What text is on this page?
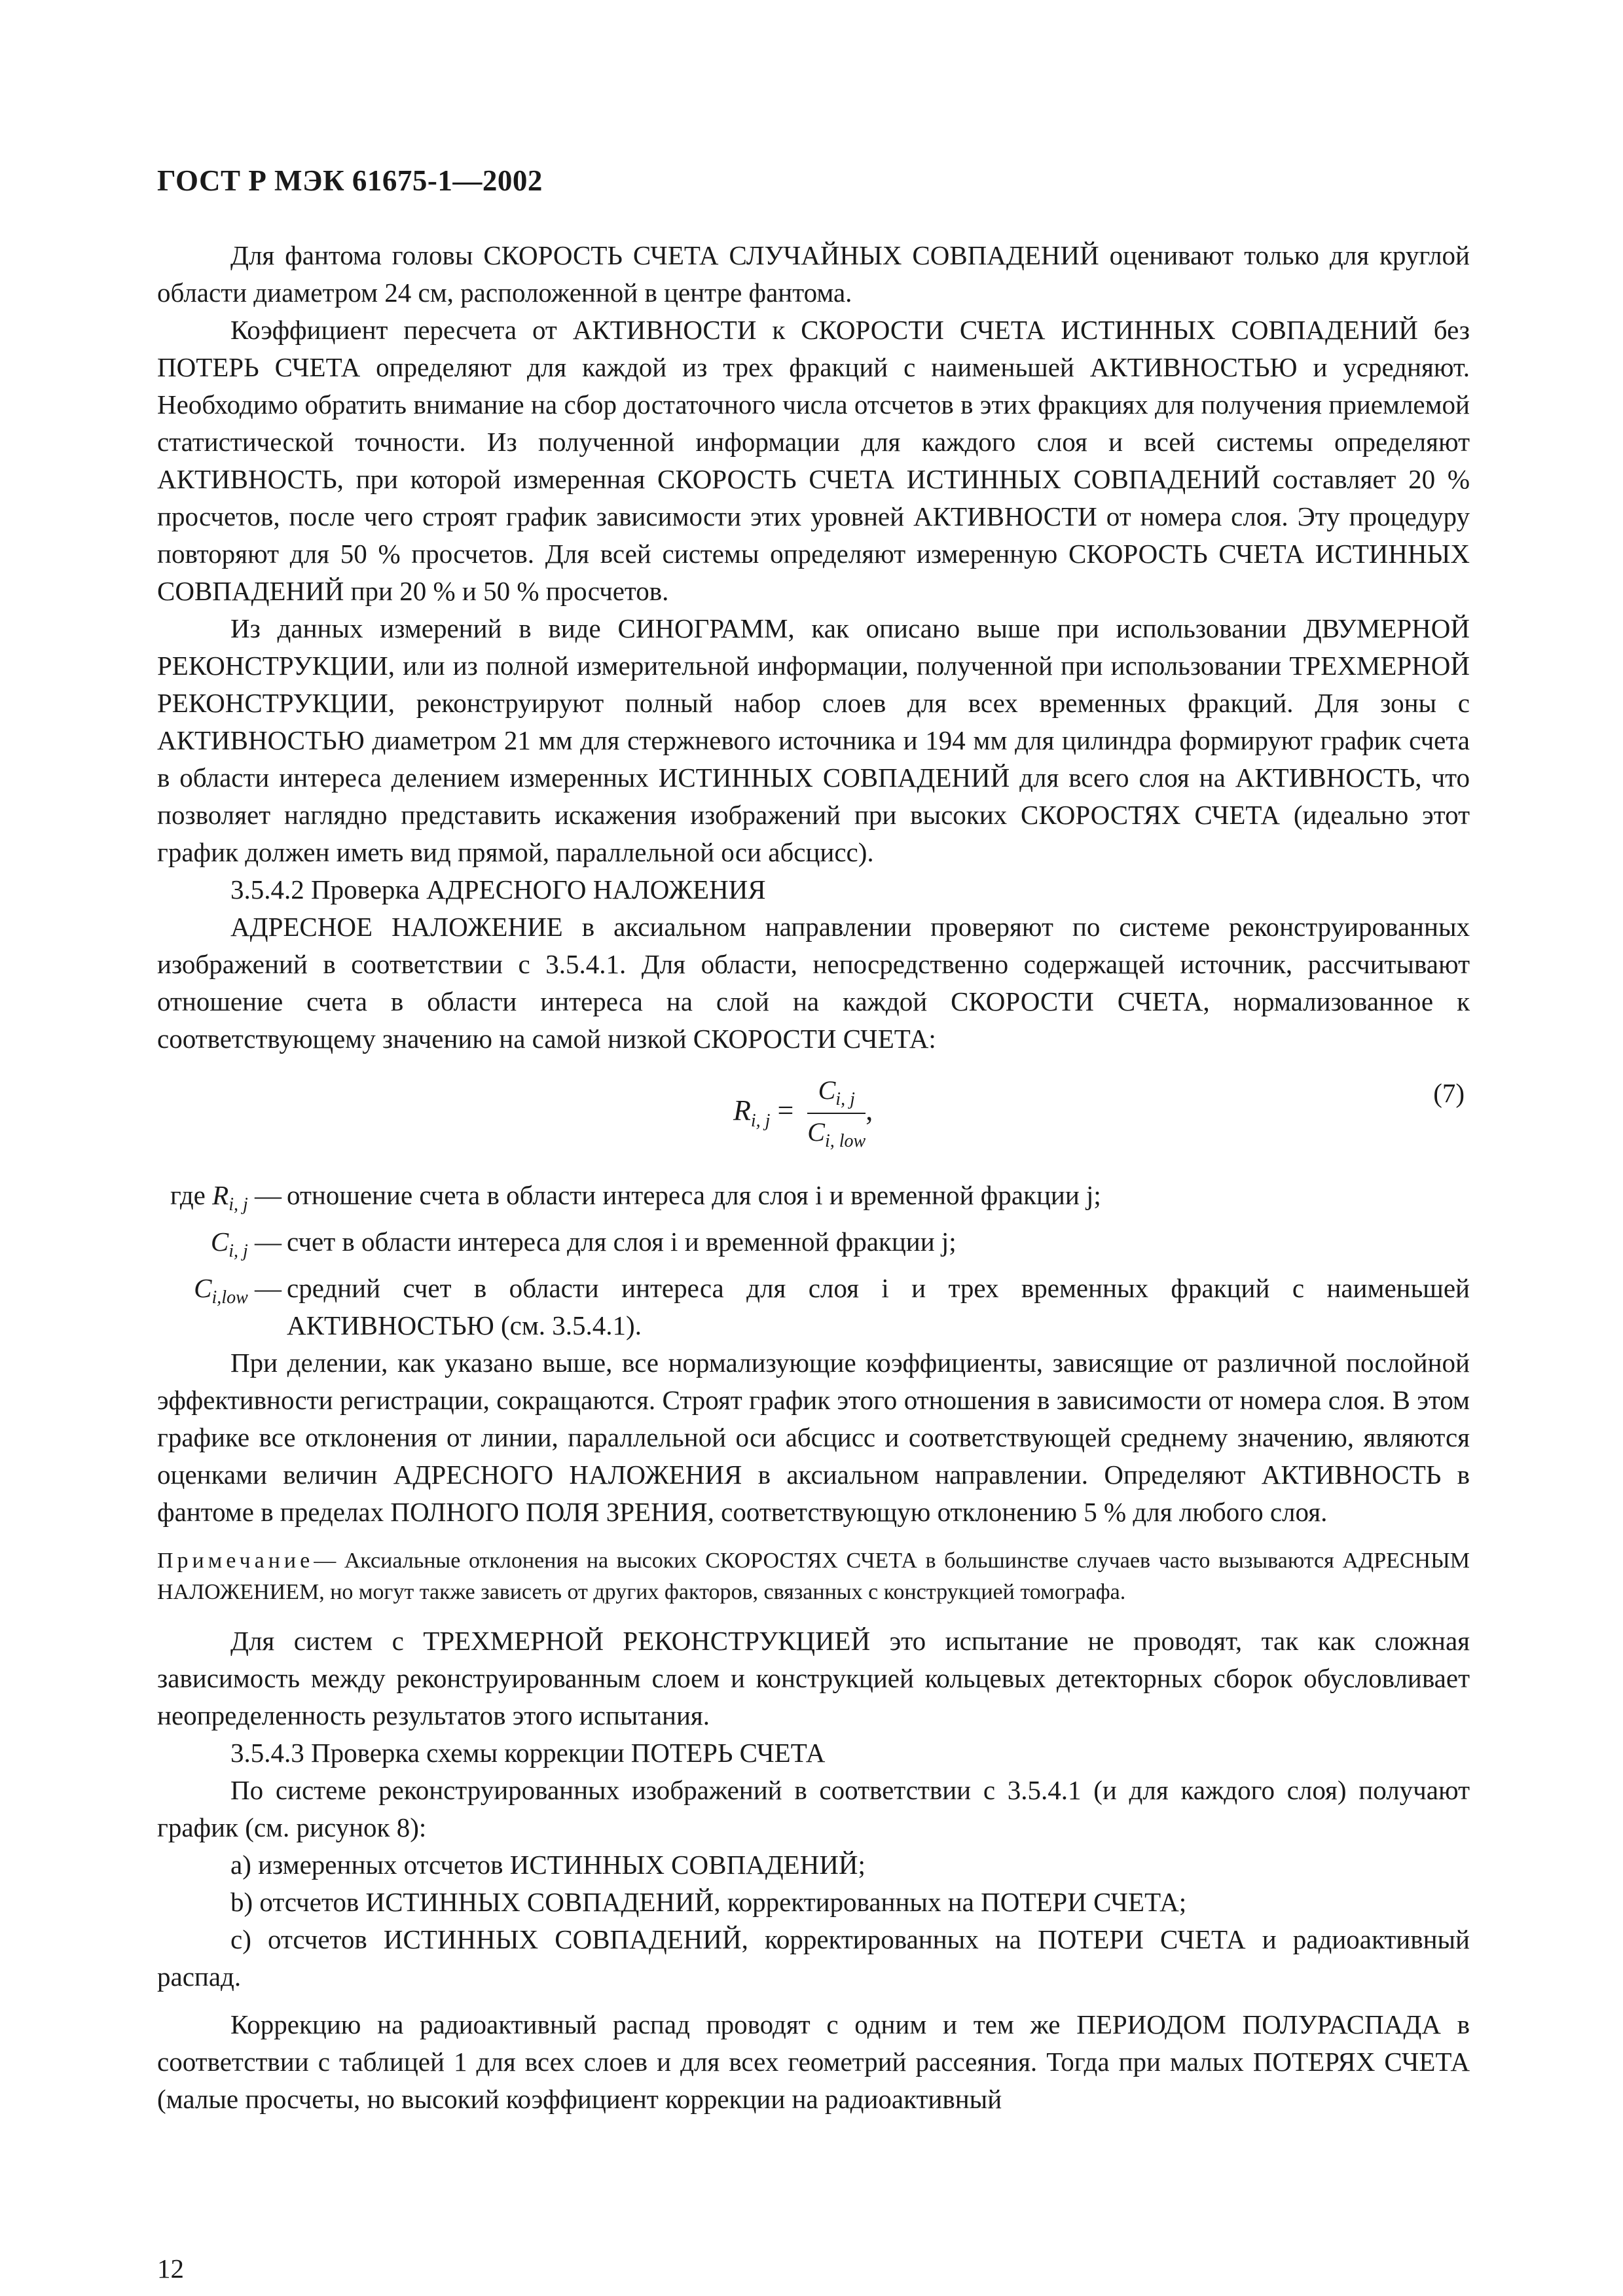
ГОСТ Р МЭК 61675-1—2002

Для фантома головы СКОРОСТЬ СЧЕТА СЛУЧАЙНЫХ СОВПАДЕНИЙ оценивают только для круглой области диаметром 24 см, расположенной в центре фантома.

Коэффициент пересчета от АКТИВНОСТИ к СКОРОСТИ СЧЕТА ИСТИННЫХ СОВПАДЕНИЙ без ПОТЕРЬ СЧЕТА определяют для каждой из трех фракций с наименьшей АКТИВНОСТЬЮ и усредняют. Необходимо обратить внимание на сбор достаточного числа отсчетов в этих фракциях для получения приемлемой статистической точности. Из полученной информации для каждого слоя и всей системы определяют АКТИВНОСТЬ, при которой измеренная СКОРОСТЬ СЧЕТА ИСТИННЫХ СОВПАДЕНИЙ составляет 20 % просчетов, после чего строят график зависимости этих уровней АКТИВНОСТИ от номера слоя. Эту процедуру повторяют для 50 % просчетов. Для всей системы определяют измеренную СКОРОСТЬ СЧЕТА ИСТИННЫХ СОВПАДЕНИЙ при 20 % и 50 % просчетов.

Из данных измерений в виде СИНОГРАММ, как описано выше при использовании ДВУМЕРНОЙ РЕКОНСТРУКЦИИ, или из полной измерительной информации, полученной при использовании ТРЕХМЕРНОЙ РЕКОНСТРУКЦИИ, реконструируют полный набор слоев для всех временных фракций. Для зоны с АКТИВНОСТЬЮ диаметром 21 мм для стержневого источника и 194 мм для цилиндра формируют график счета в области интереса делением измеренных ИСТИННЫХ СОВПАДЕНИЙ для всего слоя на АКТИВНОСТЬ, что позволяет наглядно представить искажения изображений при высоких СКОРОСТЯХ СЧЕТА (идеально этот график должен иметь вид прямой, параллельной оси абсцисс).

3.5.4.2 Проверка АДРЕСНОГО НАЛОЖЕНИЯ

АДРЕСНОЕ НАЛОЖЕНИЕ в аксиальном направлении проверяют по системе реконструированных изображений в соответствии с 3.5.4.1. Для области, непосредственно содержащей источник, рассчитывают отношение счета в области интереса на слой на каждой СКОРОСТИ СЧЕТА, нормализованное к соответствующему значению на самой низкой СКОРОСТИ СЧЕТА:

$R_{i, j} = \frac{C_{i, j}}{C_{i, low}}$ ,
(7)
где $R_{i, j}$ — отношение счета в области интереса для слоя i и временной фракции j;
$C_{i, j}$ — счет в области интереса для слоя i и временной фракции j;
$C_{i,low}$ — средний счет в области интереса для слоя i и трех временных фракций с наименьшей АКТИВНОСТЬЮ (см. 3.5.4.1).

При делении, как указано выше, все нормализующие коэффициенты, зависящие от различной послойной эффективности регистрации, сокращаются. Строят график этого отношения в зависимости от номера слоя. В этом графике все отклонения от линии, параллельной оси абсцисс и соответствующей среднему значению, являются оценками величин АДРЕСНОГО НАЛОЖЕНИЯ в аксиальном направлении. Определяют АКТИВНОСТЬ в фантоме в пределах ПОЛНОГО ПОЛЯ ЗРЕНИЯ, соответствующую отклонению 5 % для любого слоя.

Примечание— Аксиальные отклонения на высоких СКОРОСТЯХ СЧЕТА в большинстве случаев часто вызываются АДРЕСНЫМ НАЛОЖЕНИЕМ, но могут также зависеть от других факторов, связанных с конструкцией томографа.

Для систем с ТРЕХМЕРНОЙ РЕКОНСТРУКЦИЕЙ это испытание не проводят, так как сложная зависимость между реконструированным слоем и конструкцией кольцевых детекторных сборок обусловливает неопределенность результатов этого испытания.

3.5.4.3 Проверка схемы коррекции ПОТЕРЬ СЧЕТА

По системе реконструированных изображений в соответствии с 3.5.4.1 (и для каждого слоя) получают график (см. рисунок 8):

а) измеренных отсчетов ИСТИННЫХ СОВПАДЕНИЙ;
b) отсчетов ИСТИННЫХ СОВПАДЕНИЙ, корректированных на ПОТЕРИ СЧЕТА;
с) отсчетов ИСТИННЫХ СОВПАДЕНИЙ, корректированных на ПОТЕРИ СЧЕТА и радиоактивный распад.

Коррекцию на радиоактивный распад проводят с одним и тем же ПЕРИОДОМ ПОЛУРАСПАДА в соответствии с таблицей 1 для всех слоев и для всех геометрий рассеяния. Тогда при малых ПОТЕРЯХ СЧЕТА (малые просчеты, но высокий коэффициент коррекции на радиоактивный

12
